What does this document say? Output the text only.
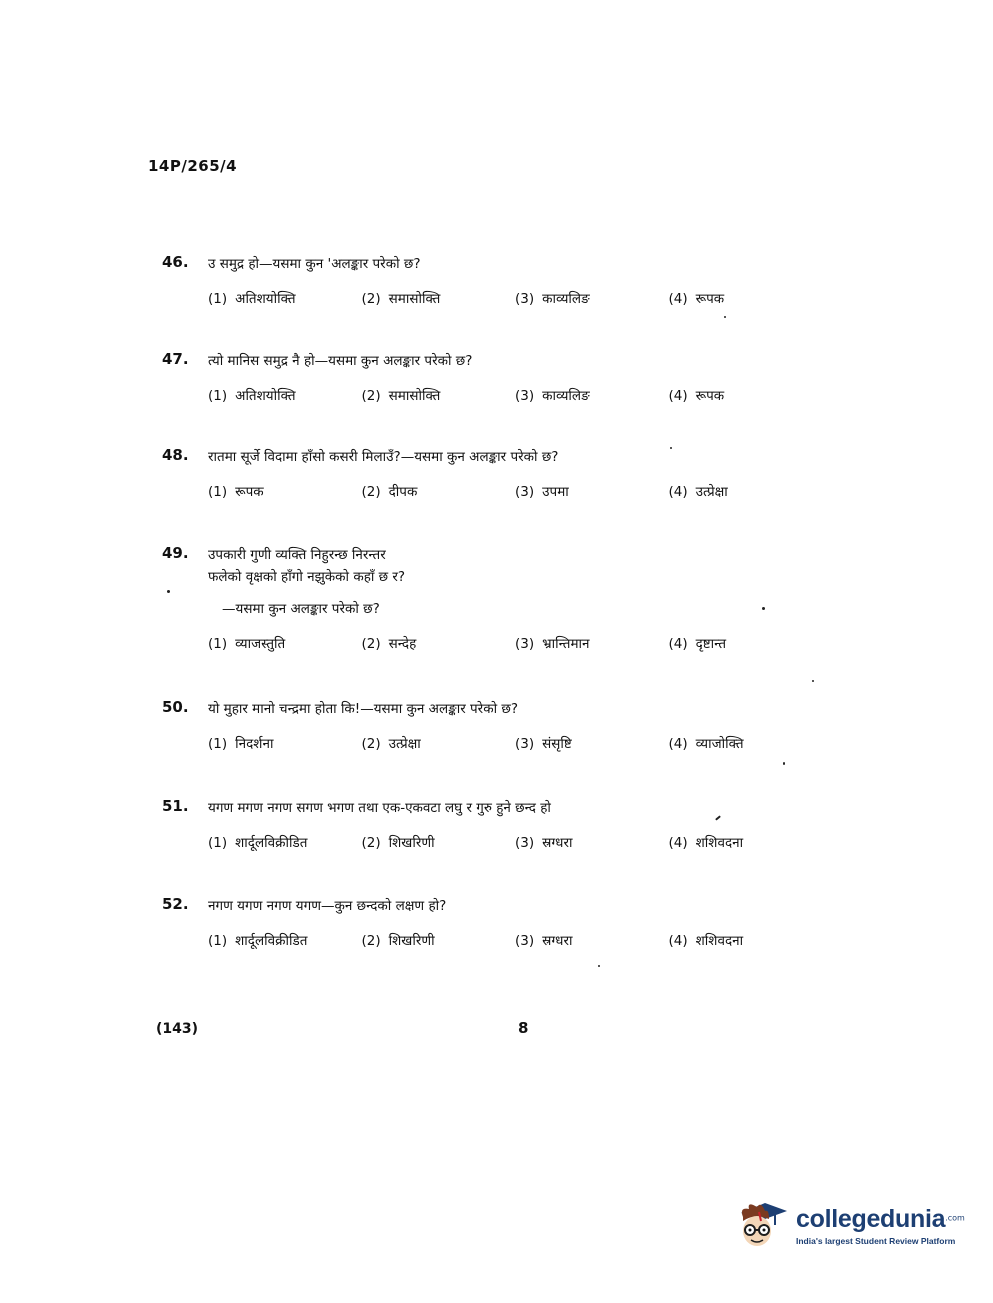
14P/265/4
46.	उ समुद्र हो—यसमा कुन 'अलङ्कार परेको छ?
(1) अतिशयोक्ति	(2) समासोक्ति	(3) काव्यलिङ	(4) रूपक
47.	त्यो मानिस समुद्र नै हो—यसमा कुन अलङ्कार परेको छ?
(1) अतिशयोक्ति	(2) समासोक्ति	(3) काव्यलिङ	(4) रूपक
48.	रातमा सूर्जे विदामा हाँसो कसरी मिलाउँ?—यसमा कुन अलङ्कार परेको छ?
(1) रूपक	(2) दीपक	(3) उपमा	(4) उत्प्रेक्षा
49.	उपकारी गुणी व्यक्ति निहुरन्छ निरन्तर
फलेको वृक्षको हाँगो नझुकेको कहाँ छ र?
—यसमा कुन अलङ्कार परेको छ?
(1) व्याजस्तुति	(2) सन्देह	(3) भ्रान्तिमान	(4) दृष्टान्त
50.	यो मुहार मानो चन्द्रमा होता कि!—यसमा कुन अलङ्कार परेको छ?
(1) निदर्शना	(2) उत्प्रेक्षा	(3) संसृष्टि	(4) व्याजोक्ति
51.	यगण मगण नगण सगण भगण तथा एक-एकवटा लघु र गुरु हुने छन्द हो
(1) शार्दूलविक्रीडित	(2) शिखरिणी	(3) स्रग्धरा	(4) शशिवदना
52.	नगण यगण नगण यगण—कुन छन्दको लक्षण हो?
(1) शार्दूलविक्रीडित	(2) शिखरिणी	(3) स्रग्धरा	(4) शशिवदना
(143)	8
collegedunia$^{.com}$
India's largest Student Review Platform
